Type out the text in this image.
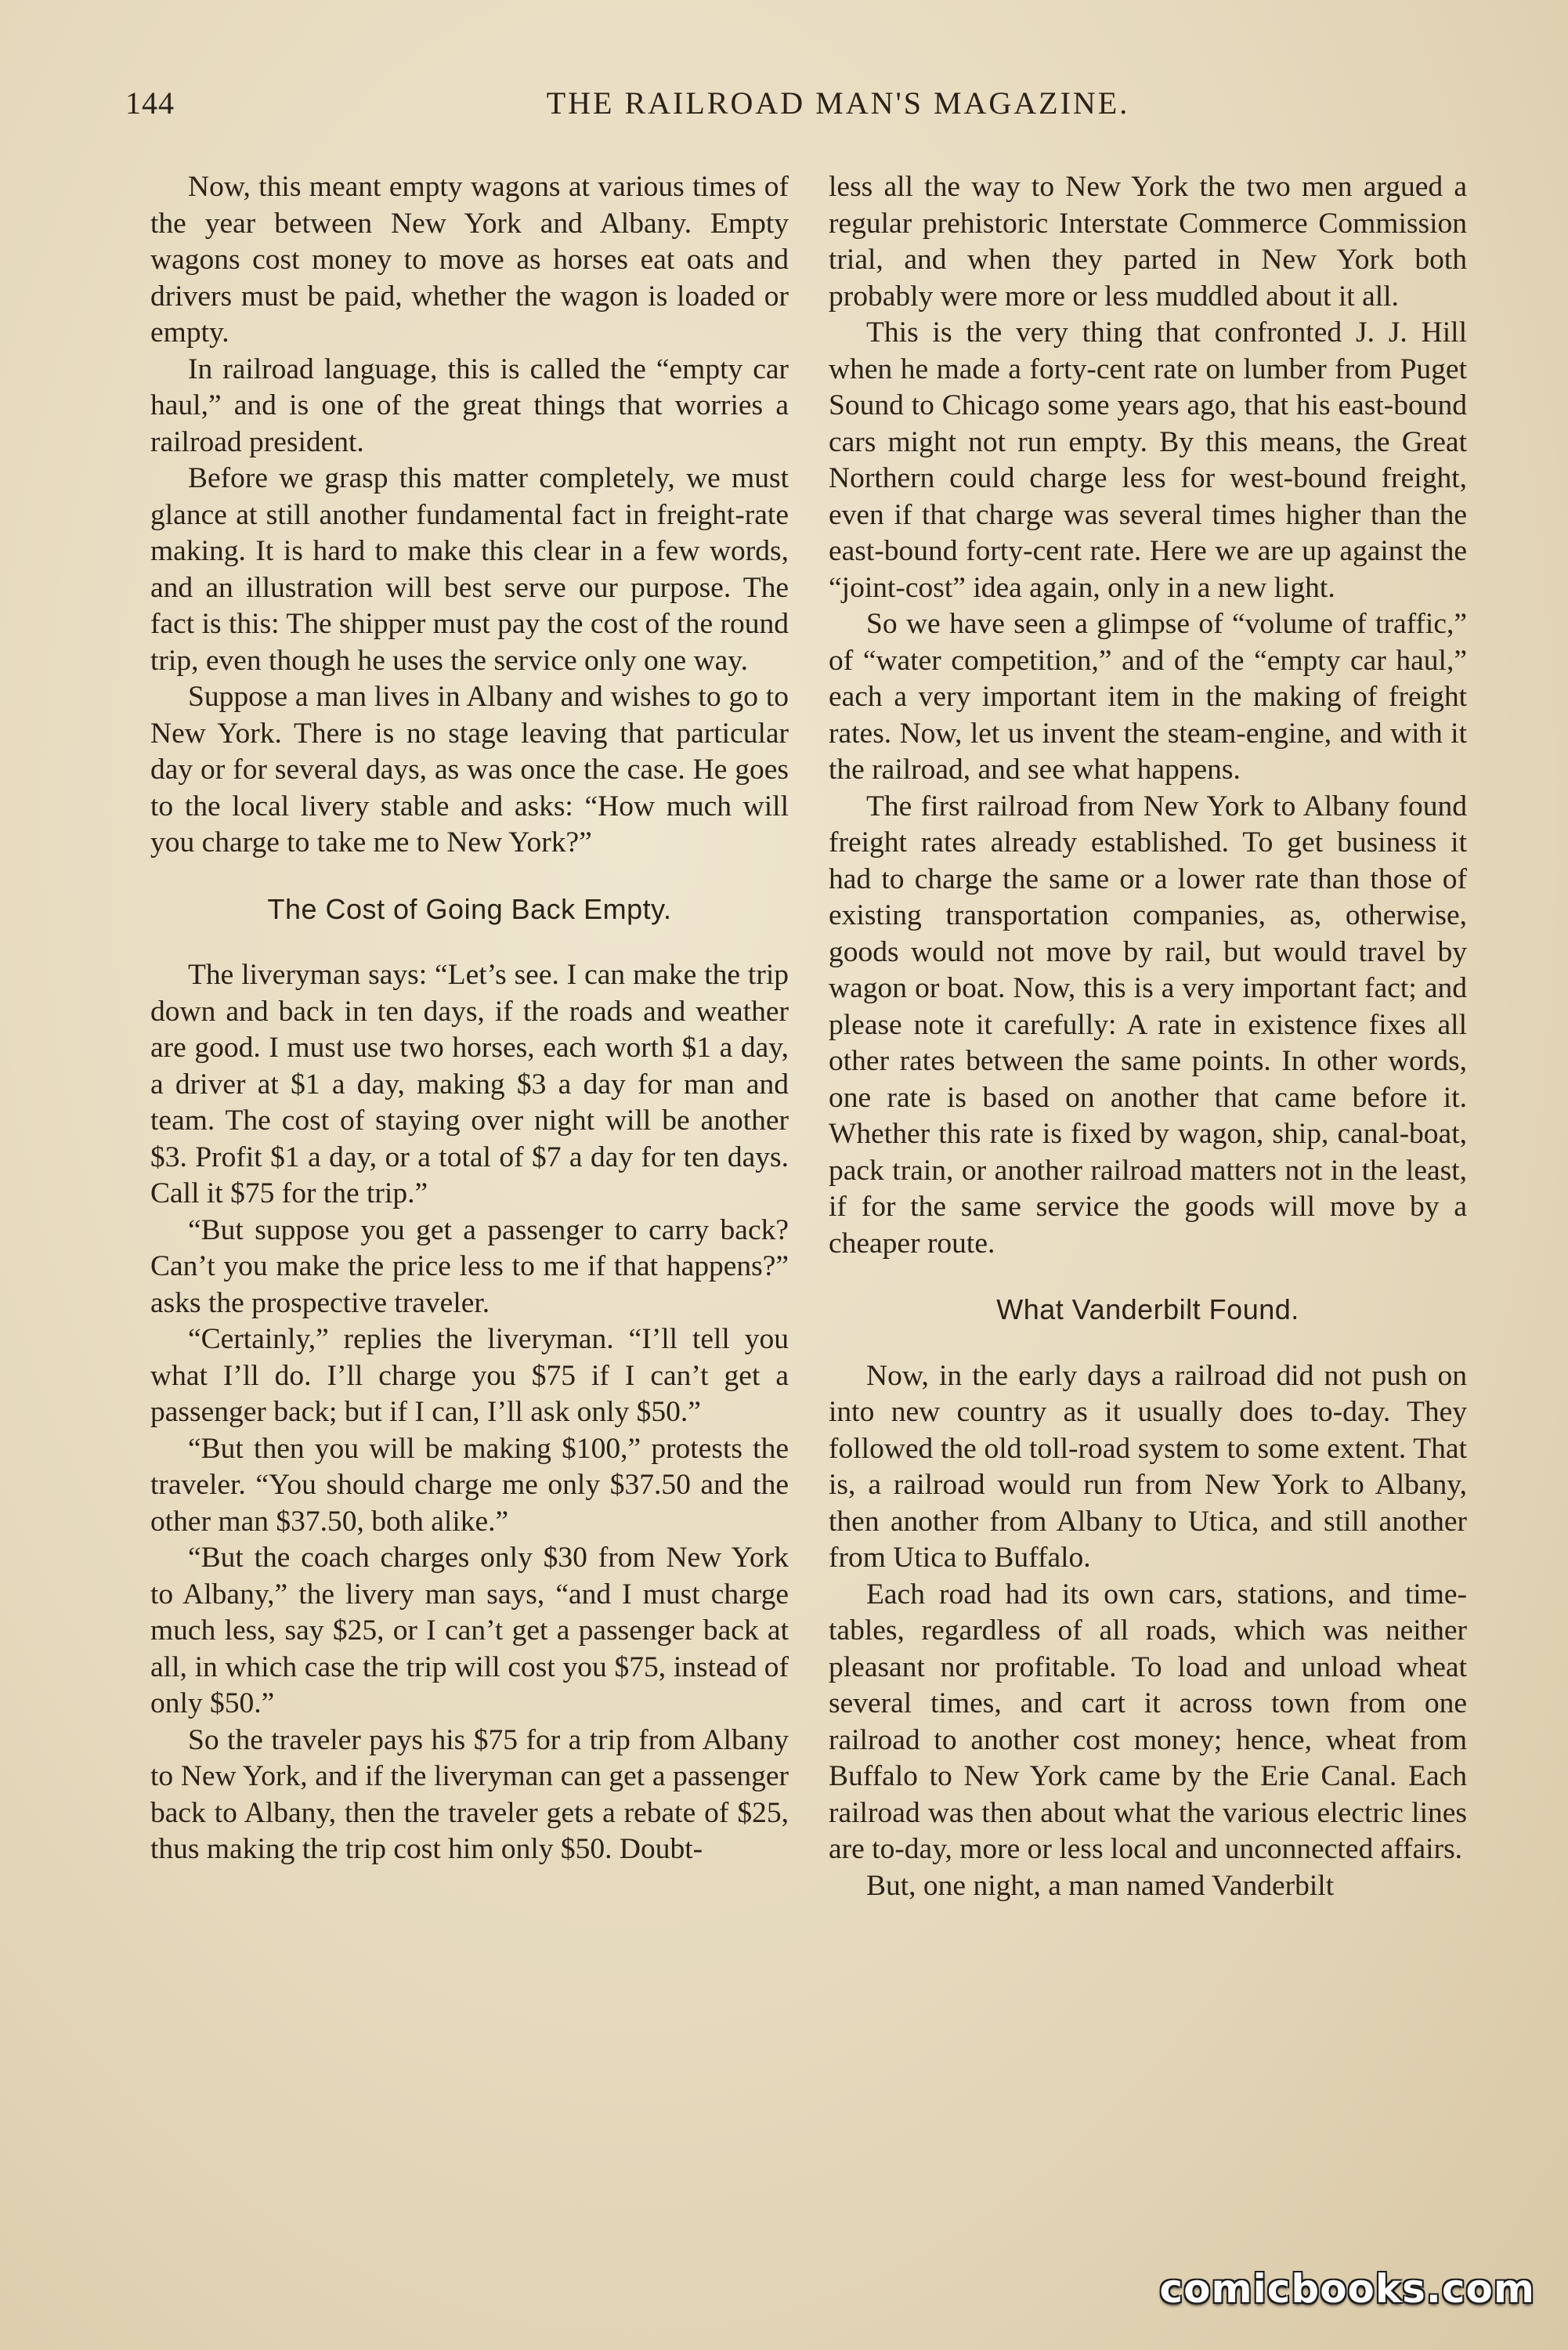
144	THE RAILROAD MAN'S MAGAZINE.

Now, this meant empty wagons at various times of the year between New York and Albany. Empty wagons cost money to move as horses eat oats and drivers must be paid, whether the wagon is loaded or empty.

In railroad language, this is called the “empty car haul,” and is one of the great things that worries a railroad president.

Before we grasp this matter completely, we must glance at still another fundamental fact in freight-rate making. It is hard to make this clear in a few words, and an illustration will best serve our purpose. The fact is this: The shipper must pay the cost of the round trip, even though he uses the service only one way.

Suppose a man lives in Albany and wishes to go to New York. There is no stage leaving that particular day or for several days, as was once the case. He goes to the local livery stable and asks: “How much will you charge to take me to New York?”

The Cost of Going Back Empty.

The liveryman says: “Let’s see. I can make the trip down and back in ten days, if the roads and weather are good. I must use two horses, each worth $1 a day, a driver at $1 a day, making $3 a day for man and team. The cost of staying over night will be another $3. Profit $1 a day, or a total of $7 a day for ten days. Call it $75 for the trip.”

“But suppose you get a passenger to carry back? Can’t you make the price less to me if that happens?” asks the prospective traveler.

“Certainly,” replies the liveryman. “I’ll tell you what I’ll do. I’ll charge you $75 if I can’t get a passenger back; but if I can, I’ll ask only $50.”

“But then you will be making $100,” protests the traveler. “You should charge me only $37.50 and the other man $37.50, both alike.”

“But the coach charges only $30 from New York to Albany,” the livery man says, “and I must charge much less, say $25, or I can’t get a passenger back at all, in which case the trip will cost you $75, instead of only $50.”

So the traveler pays his $75 for a trip from Albany to New York, and if the liveryman can get a passenger back to Albany, then the traveler gets a rebate of $25, thus making the trip cost him only $50. Doubt-

less all the way to New York the two men argued a regular prehistoric Interstate Commerce Commission trial, and when they parted in New York both probably were more or less muddled about it all.

This is the very thing that confronted J. J. Hill when he made a forty-cent rate on lumber from Puget Sound to Chicago some years ago, that his east-bound cars might not run empty. By this means, the Great Northern could charge less for west-bound freight, even if that charge was several times higher than the east-bound forty-cent rate. Here we are up against the “joint-cost” idea again, only in a new light.

So we have seen a glimpse of “volume of traffic,” of “water competition,” and of the “empty car haul,” each a very important item in the making of freight rates. Now, let us invent the steam-engine, and with it the railroad, and see what happens.

The first railroad from New York to Albany found freight rates already established. To get business it had to charge the same or a lower rate than those of existing transportation companies, as, otherwise, goods would not move by rail, but would travel by wagon or boat. Now, this is a very important fact; and please note it carefully: A rate in existence fixes all other rates between the same points. In other words, one rate is based on another that came before it. Whether this rate is fixed by wagon, ship, canal-boat, pack train, or another railroad matters not in the least, if for the same service the goods will move by a cheaper route.

What Vanderbilt Found.

Now, in the early days a railroad did not push on into new country as it usually does to-day. They followed the old toll-road system to some extent. That is, a railroad would run from New York to Albany, then another from Albany to Utica, and still another from Utica to Buffalo.

Each road had its own cars, stations, and time-tables, regardless of all roads, which was neither pleasant nor profitable. To load and unload wheat several times, and cart it across town from one railroad to another cost money; hence, wheat from Buffalo to New York came by the Erie Canal. Each railroad was then about what the various electric lines are to-day, more or less local and unconnected affairs.

But, one night, a man named Vanderbilt

comicbooks.com
